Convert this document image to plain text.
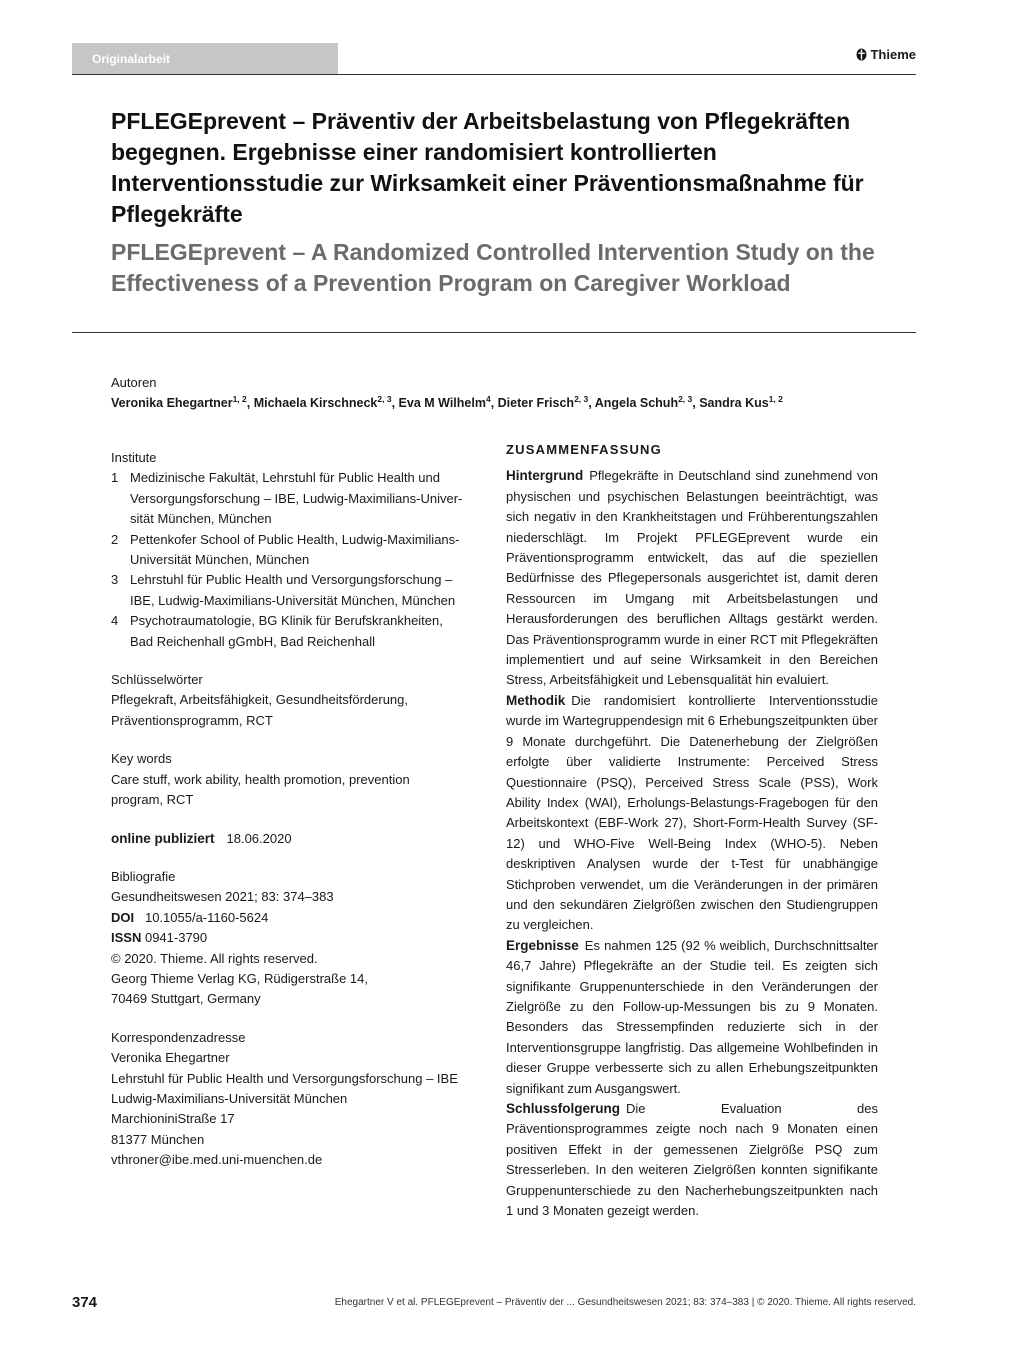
Originalarbeit	Thieme
PFLEGEprevent – Präventiv der Arbeitsbelastung von Pflegekräften begegnen. Ergebnisse einer randomisiert kontrollierten Interventionsstudie zur Wirksamkeit einer Präventionsmaßnahme für Pflegekräfte
PFLEGEprevent – A Randomized Controlled Intervention Study on the Effectiveness of a Prevention Program on Caregiver Workload
Autoren
Veronika Ehegartner$^{1, 2}$, Michaela Kirschneck$^{2, 3}$, Eva M Wilhelm$^4$, Dieter Frisch$^{2, 3}$, Angela Schuh$^{2, 3}$, Sandra Kus$^{1, 2}$
Institute
1 Medizinische Fakultät, Lehrstuhl für Public Health und
Versorgungsforschung – IBE, Ludwig-Maximilians-Univer-
sität München, München
2 Pettenkofer School of Public Health, Ludwig-Maximilians-
Universität München, München
3 Lehrstuhl für Public Health und Versorgungsforschung –
IBE, Ludwig-Maximilians-Universität München, München
4 Psychotraumatologie, BG Klinik für Berufskrankheiten,
Bad Reichenhall gGmbH, Bad Reichenhall
Schlüsselwörter
Pflegekraft, Arbeitsfähigkeit, Gesundheitsförderung,
Präventionsprogramm, RCT
Key words
Care stuff, work ability, health promotion, prevention
program, RCT
online publiziert 18.06.2020
Bibliografie
Gesundheitswesen 2021; 83: 374–383
DOI 10.1055/a-1160-5624
ISSN 0941-3790
© 2020. Thieme. All rights reserved.
Georg Thieme Verlag KG, Rüdigerstraße 14,
70469 Stuttgart, Germany
Korrespondenzadresse
Veronika Ehegartner
Lehrstuhl für Public Health und Versorgungsforschung – IBE
Ludwig-Maximilians-Universität München
MarchioniniStraße 17
81377 München
vthroner@ibe.med.uni-muenchen.de
ZUSAMMENFASSUNG

Hintergrund Pflegekräfte in Deutschland sind zunehmend von physischen und psychischen Belastungen beeinträchtigt, was sich negativ in den Krankheitstagen und Frühberentungszahlen niederschlägt. Im Projekt PFLEGEprevent wurde ein Präventionsprogramm entwickelt, das auf die speziellen Bedürfnisse des Pflegepersonals ausgerichtet ist, damit deren Ressourcen im Umgang mit Arbeitsbelastungen und Herausforderungen des beruflichen Alltags gestärkt werden. Das Präventionsprogramm wurde in einer RCT mit Pflegekräften implementiert und auf seine Wirksamkeit in den Bereichen Stress, Arbeitsfähigkeit und Lebensqualität hin evaluiert.

Methodik Die randomisiert kontrollierte Interventionsstudie wurde im Wartegruppendesign mit 6 Erhebungszeitpunkten über 9 Monate durchgeführt. Die Datenerhebung der Zielgrößen erfolgte über validierte Instrumente: Perceived Stress Questionnaire (PSQ), Perceived Stress Scale (PSS), Work Ability Index (WAI), Erholungs-Belastungs-Fragebogen für den Arbeitskontext (EBF-Work 27), Short-Form-Health Survey (SF-12) und WHO-Five Well-Being Index (WHO-5). Neben deskriptiven Analysen wurde der t-Test für unabhängige Stichproben verwendet, um die Veränderungen in der primären und den sekundären Zielgrößen zwischen den Studiengruppen zu vergleichen.

Ergebnisse Es nahmen 125 (92 % weiblich, Durchschnittsalter 46,7 Jahre) Pflegekräfte an der Studie teil. Es zeigten sich signifikante Gruppenunterschiede in den Veränderungen der Zielgröße zu den Follow-up-Messungen bis zu 9 Monaten. Besonders das Stressempfinden reduzierte sich in der Interventionsgruppe langfristig. Das allgemeine Wohlbefinden in dieser Gruppe verbesserte sich zu allen Erhebungszeitpunkten signifikant zum Ausgangswert.

Schlussfolgerung Die Evaluation des Präventionsprogrammes zeigte noch nach 9 Monaten einen positiven Effekt in der gemessenen Zielgröße PSQ zum Stresserleben. In den weiteren Zielgrößen konnten signifikante Gruppenunterschiede zu den Nacherhebungszeitpunkten nach 1 und 3 Monaten gezeigt werden.

374	Ehegartner V et al. PFLEGEprevent – Präventiv der ... Gesundheitswesen 2021; 83: 374–383 | © 2020. Thieme. All rights reserved.
